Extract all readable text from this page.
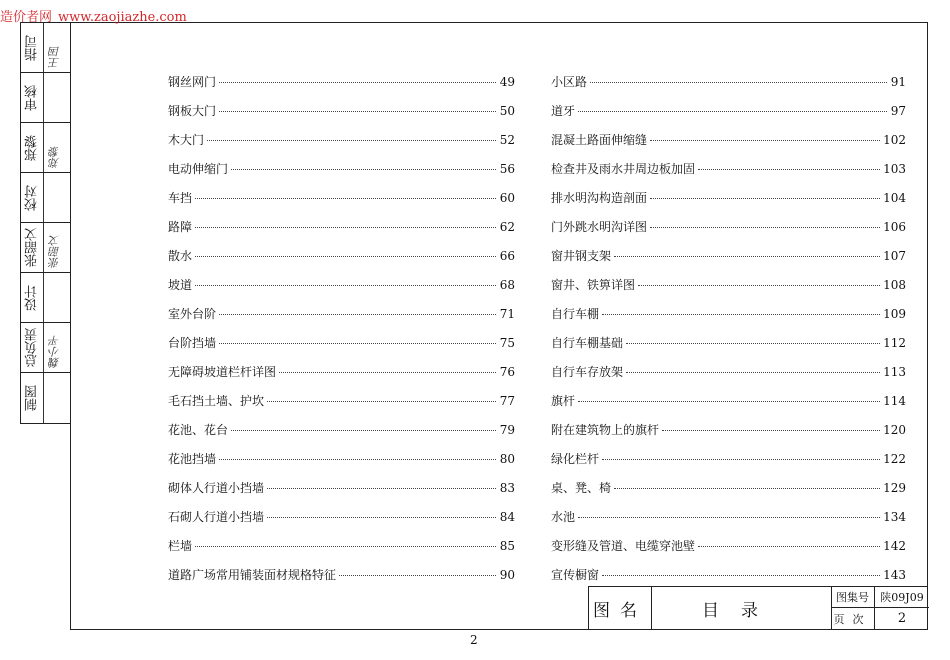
造价者网 www.zaojiazhe.com
指司 王国
审核
郑黎 郑黎
校对
张韶文 张韶文
设计
总负责 魏小平
制图
钢丝网门	49
钢板大门	50
木大门	52
电动伸缩门	56
车挡	60
路障	62
散水	66
坡道	68
室外台阶	71
台阶挡墙	75
无障碍坡道栏杆详图	76
毛石挡土墙、护坎	77
花池、花台	79
花池挡墙	80
砌体人行道小挡墙	83
石砌人行道小挡墙	84
栏墙	85
道路广场常用铺装面材规格特征	90
小区路	91
道牙	97
混凝土路面伸缩缝	102
检查井及雨水井周边板加固	103
排水明沟构造剖面	104
门外跳水明沟详图	106
窗井钢支架	107
窗井、铁箅详图	108
自行车棚	109
自行车棚基础	112
自行车存放架	113
旗杆	114
附在建筑物上的旗杆	120
绿化栏杆	122
桌、凳、椅	129
水池	134
变形缝及管道、电缆穿池壁	142
宣传橱窗	143
图名	目录
图集号	陕09J09
页次	2
2
